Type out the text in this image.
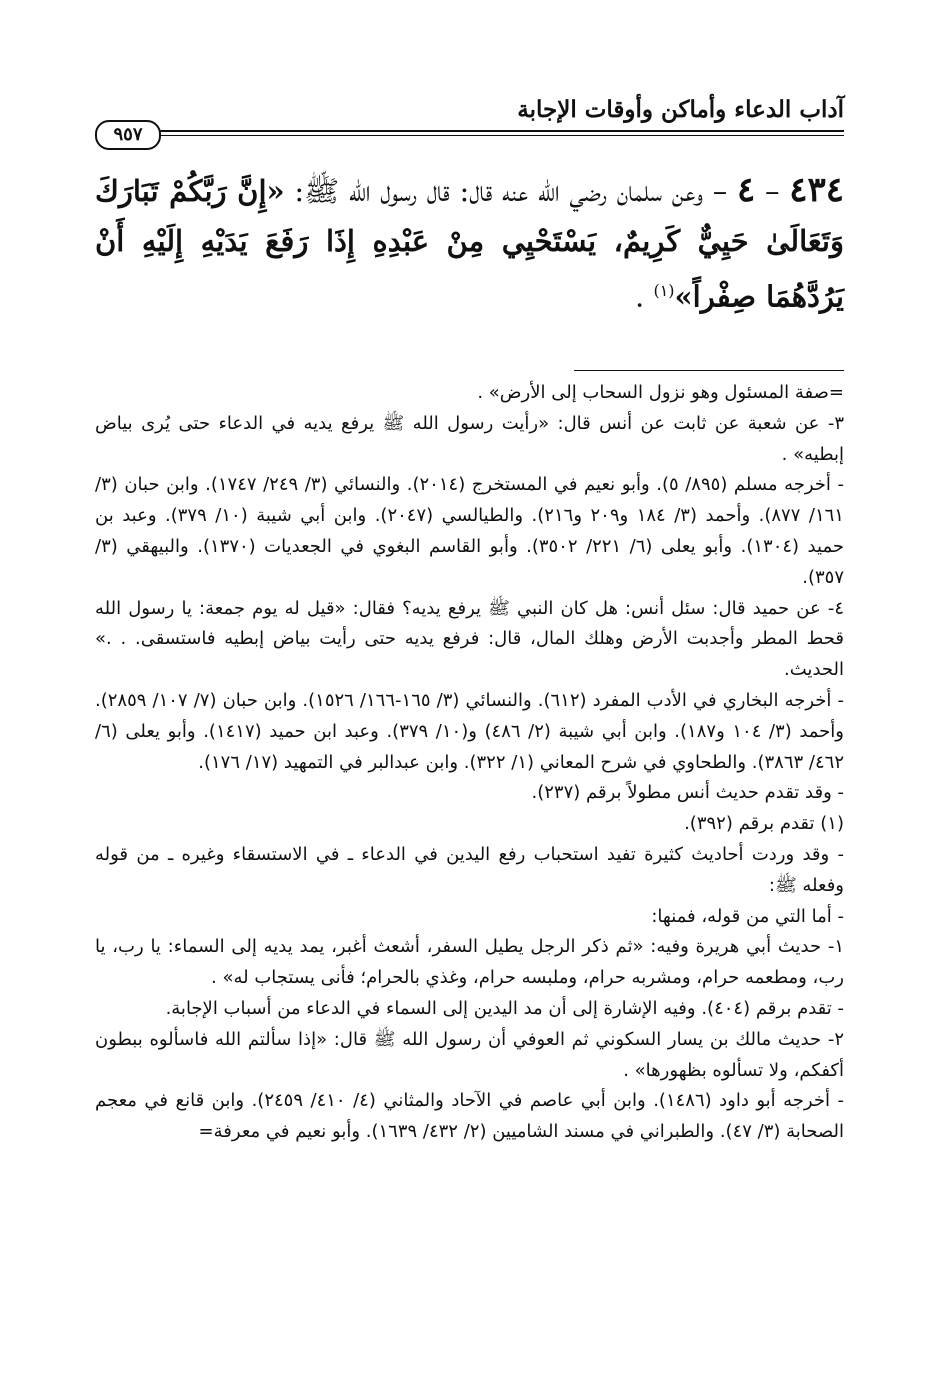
آداب الدعاء وأماكن وأوقات الإجابة
٩٥٧
٤٣٤ – ٤ – وعن سلمان رضي الله عنه قال: قال رسول الله ﷺ: «إِنَّ رَبَّكُمْ تَبَارَكَ وَتَعَالَىٰ حَيِيٌّ كَرِيمٌ، يَسْتَحْيِي مِنْ عَبْدِهِ إِذَا رَفَعَ يَدَيْهِ إِلَيْهِ أَنْ يَرُدَّهُمَا صِفْراً»$^{(١)}$ .

=صفة المسئول وهو نزول السحاب إلى الأرض» .

٣- عن شعبة عن ثابت عن أنس قال: «رأيت رسول الله ﷺ يرفع يديه في الدعاء حتى يُرى بياض إبطيه» .

- أخرجه مسلم (٨٩٥/ ٥). وأبو نعيم في المستخرج (٢٠١٤). والنسائي (٣/ ٢٤٩/ ١٧٤٧). وابن حبان (٣/ ١٦١/ ٨٧٧). وأحمد (٣/ ١٨٤ و٢٠٩ و٢١٦). والطيالسي (٢٠٤٧). وابن أبي شيبة (١٠/ ٣٧٩). وعبد بن حميد (١٣٠٤). وأبو يعلى (٦/ ٢٢١/ ٣٥٠٢). وأبو القاسم البغوي في الجعديات (١٣٧٠). والبيهقي (٣/ ٣٥٧).

٤- عن حميد قال: سئل أنس: هل كان النبي ﷺ يرفع يديه؟ فقال: «قيل له يوم جمعة: يا رسول الله قحط المطر وأجدبت الأرض وهلك المال، قال: فرفع يديه حتى رأيت بياض إبطيه فاستسقى. . .» الحديث.

- أخرجه البخاري في الأدب المفرد (٦١٢). والنسائي (٣/ ١٦٥-١٦٦/ ١٥٢٦). وابن حبان (٧/ ١٠٧/ ٢٨٥٩). وأحمد (٣/ ١٠٤ و١٨٧). وابن أبي شيبة (٢/ ٤٨٦) و(١٠/ ٣٧٩). وعبد ابن حميد (١٤١٧). وأبو يعلى (٦/ ٤٦٢/ ٣٨٦٣). والطحاوي في شرح المعاني (١/ ٣٢٢). وابن عبدالبر في التمهيد (١٧/ ١٧٦).

- وقد تقدم حديث أنس مطولاً برقم (٢٣٧).

(١) تقدم برقم (٣٩٢).

- وقد وردت أحاديث كثيرة تفيد استحباب رفع اليدين في الدعاء ـ في الاستسقاء وغيره ـ من قوله وفعله ﷺ:

- أما التي من قوله، فمنها:

١- حديث أبي هريرة وفيه: «ثم ذكر الرجل يطيل السفر، أشعث أغبر، يمد يديه إلى السماء: يا رب، يا رب، ومطعمه حرام، ومشربه حرام، وملبسه حرام، وغذي بالحرام؛ فأنى يستجاب له» .

- تقدم برقم (٤٠٤). وفيه الإشارة إلى أن مد اليدين إلى السماء في الدعاء من أسباب الإجابة.

٢- حديث مالك بن يسار السكوني ثم العوفي أن رسول الله ﷺ قال: «إذا سألتم الله فاسألوه ببطون أكفكم، ولا تسألوه بظهورها» .

- أخرجه أبو داود (١٤٨٦). وابن أبي عاصم في الآحاد والمثاني (٤/ ٤١٠/ ٢٤٥٩). وابن قانع في معجم الصحابة (٣/ ٤٧). والطبراني في مسند الشاميين (٢/ ٤٣٢/ ١٦٣٩). وأبو نعيم في معرفة=
